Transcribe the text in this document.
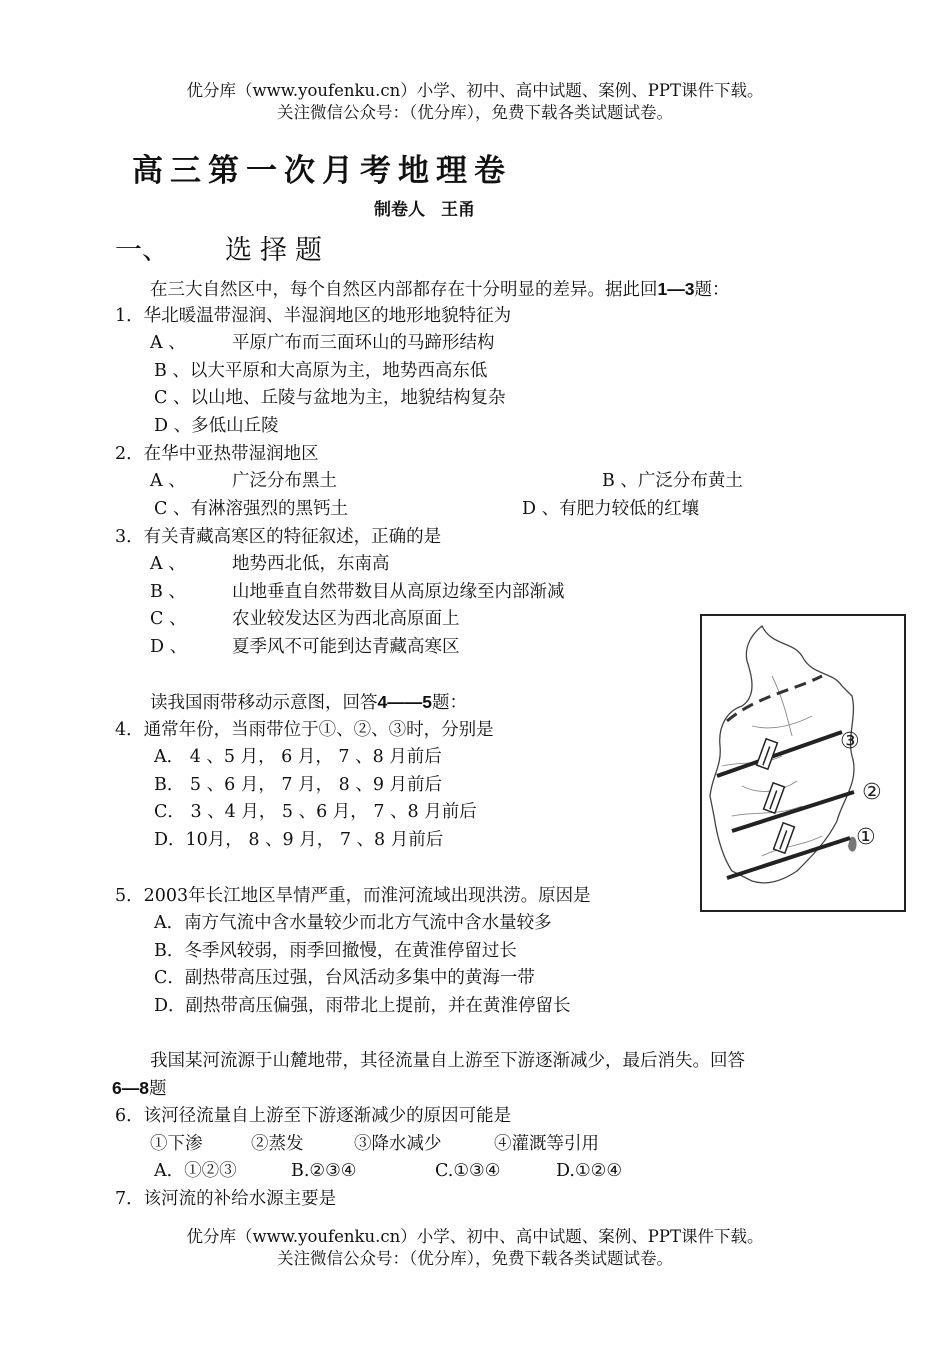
优分库（www.youfenku.cn）小学、初中、高中试题、案例、PPT课件下载。
关注微信公众号：（优分库），免费下载各类试题试卷。
高三第一次月考地理卷
制卷人 王甬
一、 选择题
在三大自然区中，每个自然区内部都存在十分明显的差异。据此回1—3题：
1．华北暖温带湿润、半湿润地区的地形地貌特征为
A 、	平原广布而三面环山的马蹄形结构
B 、以大平原和大高原为主，地势西高东低
C 、以山地、丘陵与盆地为主，地貌结构复杂
D 、多低山丘陵
2．在华中亚热带湿润地区
A 、	广泛分布黑土	B 、广泛分布黄土
C 、有淋溶强烈的黑钙土	D 、有肥力较低的红壤
3．有关青藏高寒区的特征叙述，正确的是
A 、	地势西北低，东南高
B 、	山地垂直自然带数目从高原边缘至内部渐减
C 、	农业较发达区为西北高原面上
D 、	夏季风不可能到达青藏高寒区
读我国雨带移动示意图，回答4——5题：
4．通常年份，当雨带位于①、②、③时，分别是
A． 4 、5 月， 6 月， 7 、8 月前后
B． 5 、6 月， 7 月， 8 、9 月前后
C． 3 、4 月， 5 、6 月， 7 、8 月前后
D．10月， 8 、9 月， 7 、8 月前后
5．2003年长江地区旱情严重，而淮河流域出现洪涝。原因是
A．南方气流中含水量较少而北方气流中含水量较多
B．冬季风较弱，雨季回撤慢，在黄淮停留过长
C．副热带高压过强，台风活动多集中的黄海一带
D．副热带高压偏强，雨带北上提前，并在黄淮停留长
我国某河流源于山麓地带，其径流量自上游至下游逐渐减少，最后消失。回答
6—8题
6．该河径流量自上游至下游逐渐减少的原因可能是
①下渗	②蒸发	③降水减少	④灌溉等引用
A．①②③	B.②③④	C.①③④	D.①②④
7．该河流的补给水源主要是
优分库（www.youfenku.cn）小学、初中、高中试题、案例、PPT课件下载。
关注微信公众号：（优分库），免费下载各类试题试卷。
③
②
①
